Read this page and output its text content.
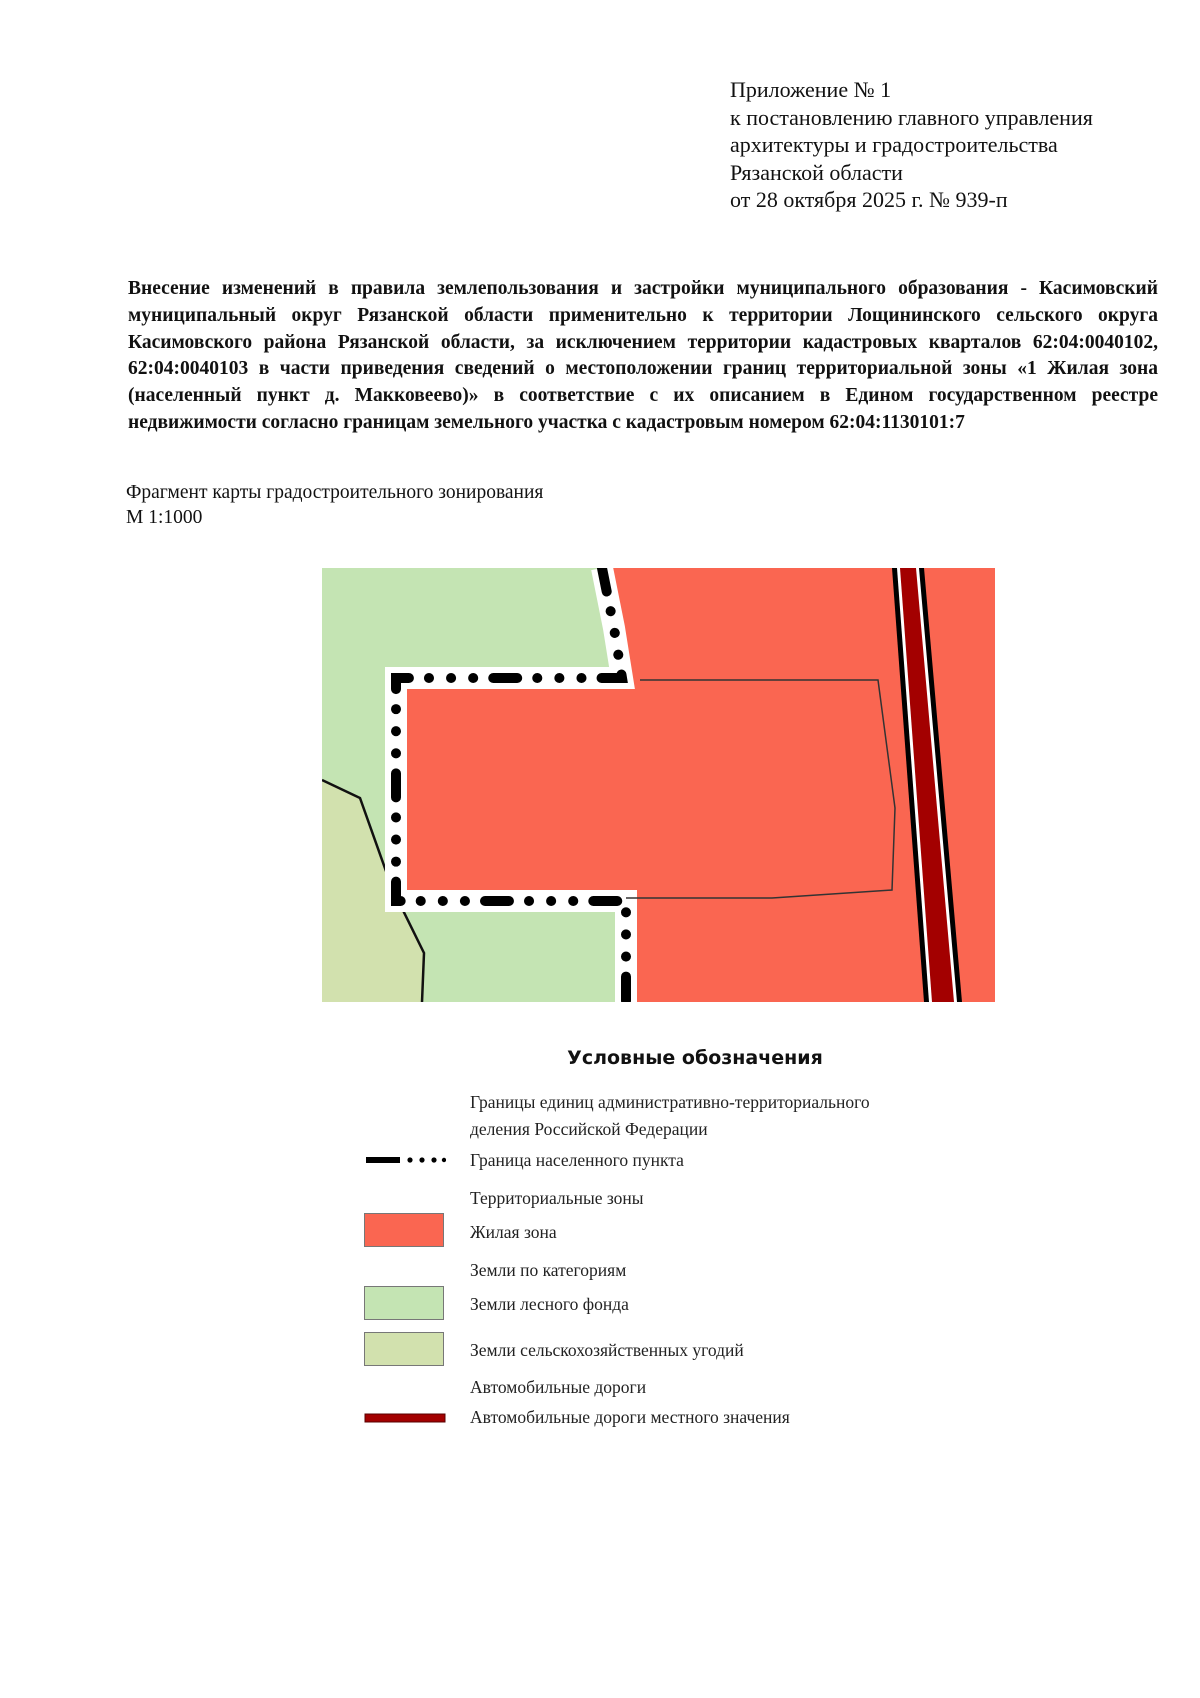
Приложение № 1
к постановлению главного управления
архитектуры и градостроительства
Рязанской области
от 28 октября 2025 г. № 939-п
Внесение изменений в правила землепользования и застройки муниципального образования - Касимовский муниципальный округ Рязанской области применительно к территории Лощининского сельского округа Касимовского района Рязанской области, за исключением территории кадастровых кварталов 62:04:0040102, 62:04:0040103 в части приведения сведений о местоположении границ территориальной зоны «1 Жилая зона (населенный пункт д. Макковеево)» в соответствие с их описанием в Едином государственном реестре недвижимости согласно границам земельного участка с кадастровым номером 62:04:1130101:7
Фрагмент карты градостроительного зонирования
М 1:1000
Условные обозначения
Границы единиц административно-территориального
деления Российской Федерации
Граница населенного пункта
Территориальные зоны
Жилая зона
Земли по категориям
Земли лесного фонда
Земли сельскохозяйственных угодий
Автомобильные дороги
Автомобильные дороги местного значения
